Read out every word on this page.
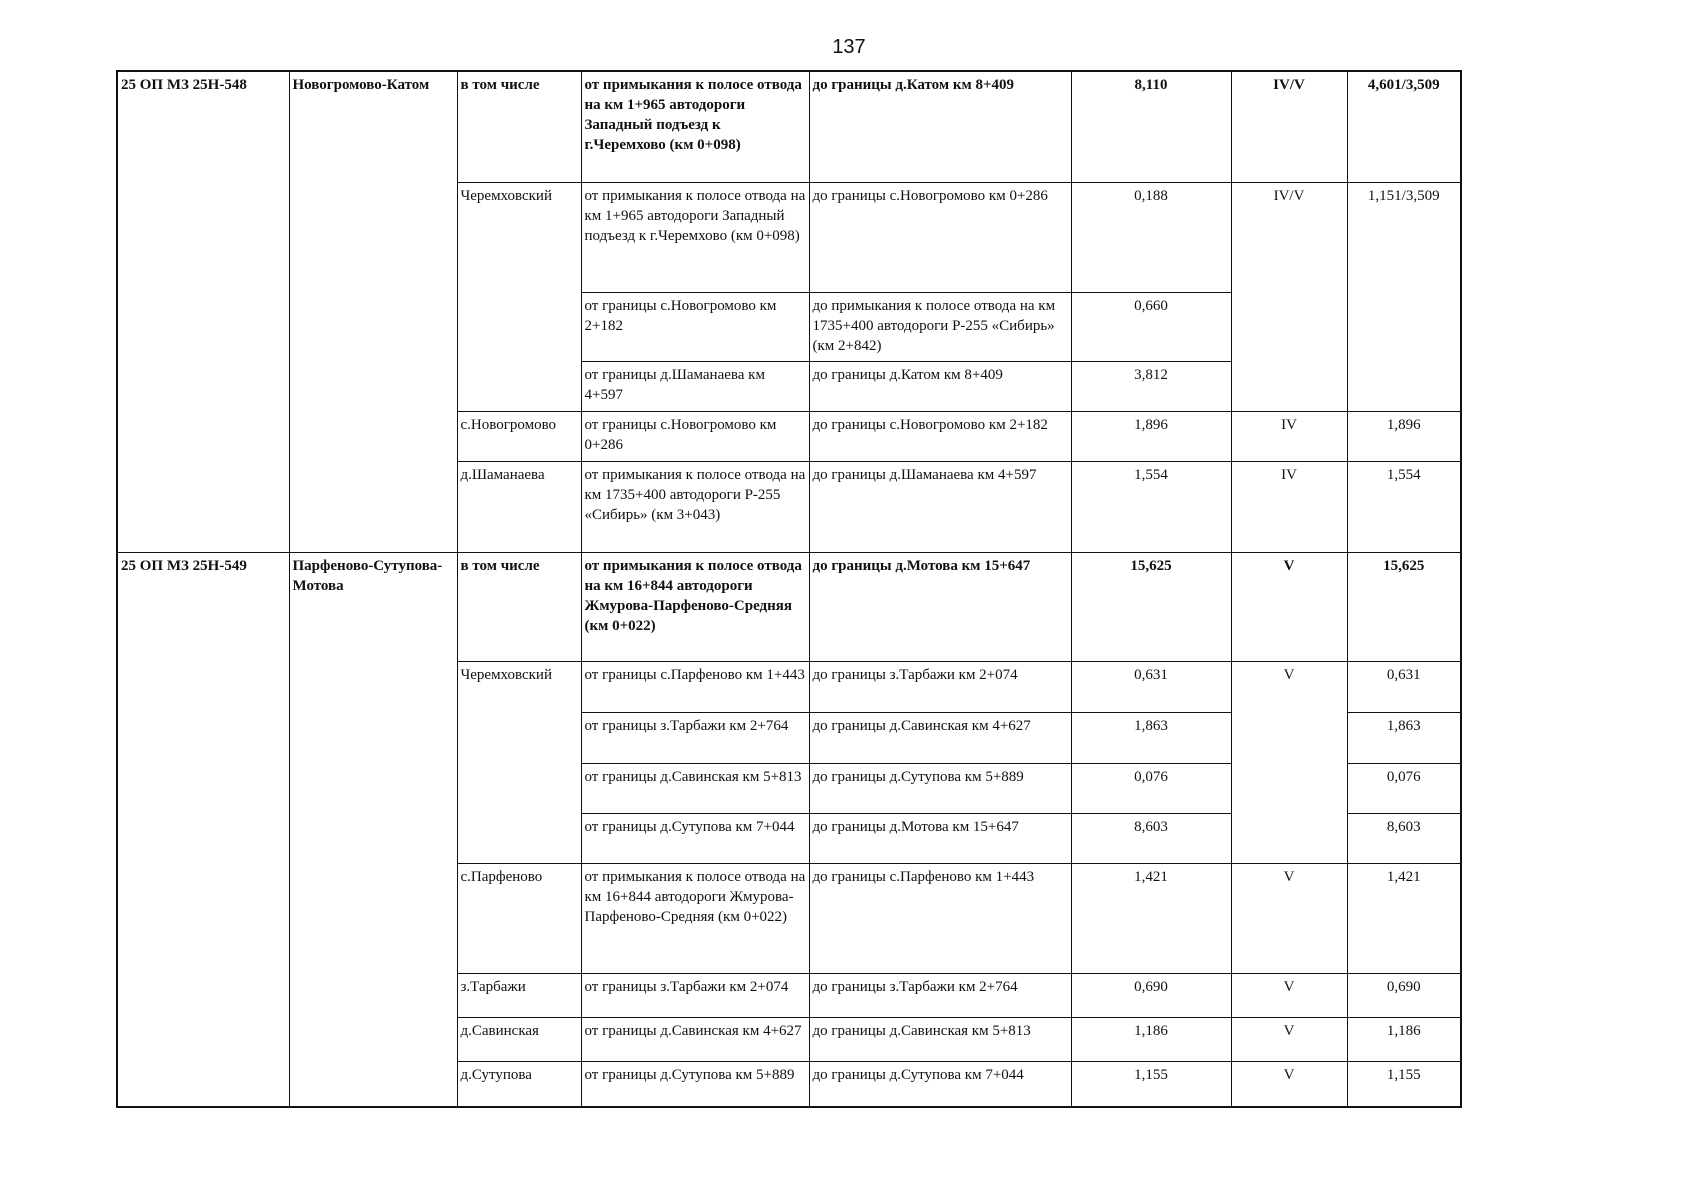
137
25 ОП МЗ 25Н-548	Новогромово-Катом	в том числе	от примыкания к полосе отвода на км 1+965 автодороги Западный подъезд к г.Черемхово (км 0+098)	до границы д.Катом км 8+409	8,110	IV/V	4,601/3,509
		Черемховский	от примыкания к полосе отвода на км 1+965 автодороги Западный подъезд к г.Черемхово (км 0+098)	до границы с.Новогромово км 0+286	0,188	IV/V	1,151/3,509
			от границы с.Новогромово км 2+182	до примыкания к полосе отвода на км 1735+400 автодороги Р-255 «Сибирь» (км 2+842)	0,660		
			от границы д.Шаманаева км 4+597	до границы д.Катом км 8+409	3,812		
		с.Новогромово	от границы с.Новогромово км 0+286	до границы с.Новогромово км 2+182	1,896	IV	1,896
		д.Шаманаева	от примыкания к полосе отвода на км 1735+400 автодороги Р-255 «Сибирь» (км 3+043)	до границы д.Шаманаева км 4+597	1,554	IV	1,554
25 ОП МЗ 25Н-549	Парфеново-Сутупова-Мотова	в том числе	от примыкания к полосе отвода на км 16+844 автодороги Жмурова-Парфеново-Средняя (км 0+022)	до границы д.Мотова км 15+647	15,625	V	15,625
		Черемховский	от границы с.Парфеново км 1+443	до границы з.Тарбажи км 2+074	0,631	V	0,631
			от границы з.Тарбажи км 2+764	до границы д.Савинская км 4+627	1,863		1,863
			от границы д.Савинская км 5+813	до границы д.Сутупова км 5+889	0,076		0,076
			от границы д.Сутупова км 7+044	до границы д.Мотова км 15+647	8,603		8,603
		с.Парфеново	от примыкания к полосе отвода на км 16+844 автодороги Жмурова-Парфеново-Средняя (км 0+022)	до границы с.Парфеново км 1+443	1,421	V	1,421
		з.Тарбажи	от границы з.Тарбажи км 2+074	до границы з.Тарбажи км 2+764	0,690	V	0,690
		д.Савинская	от границы д.Савинская км 4+627	до границы д.Савинская км 5+813	1,186	V	1,186
		д.Сутупова	от границы д.Сутупова км 5+889	до границы д.Сутупова км 7+044	1,155	V	1,155
